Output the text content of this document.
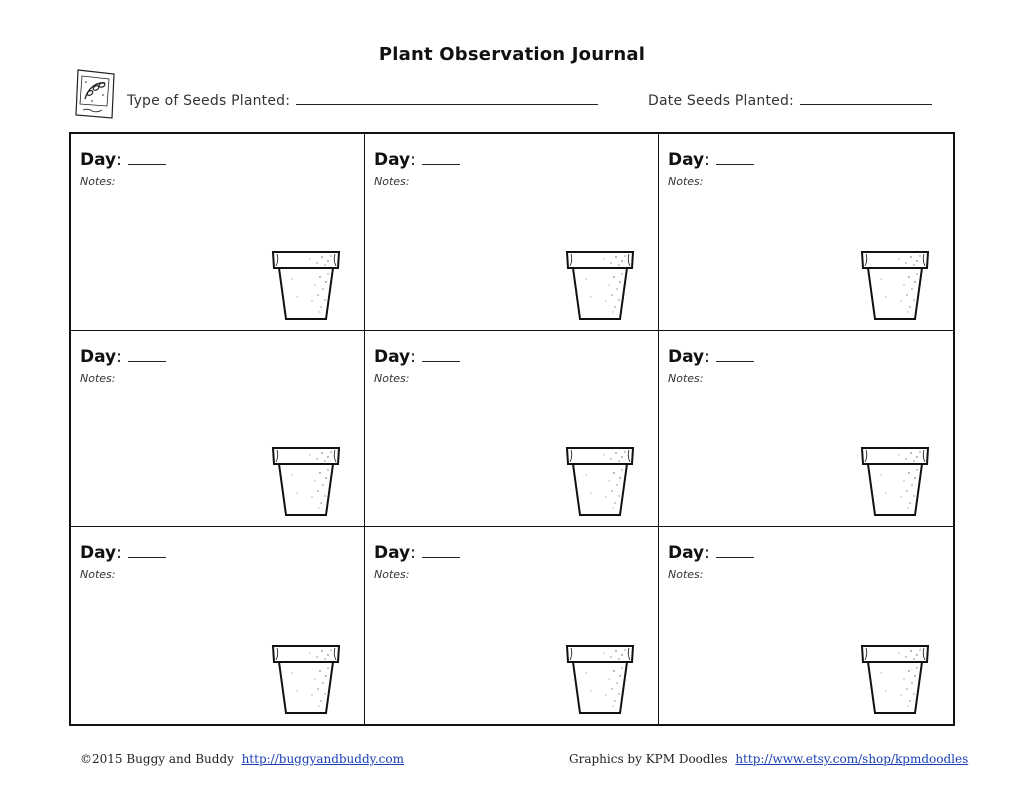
Plant Observation Journal
Type of Seeds Planted:	Date Seeds Planted:
Day:
Notes:
Day:
Notes:
Day:
Notes:
Day:
Notes:
Day:
Notes:
Day:
Notes:
Day:
Notes:
Day:
Notes:
Day:
Notes:
©2015 Buggy and Buddy http://buggyandbuddy.com	Graphics by KPM Doodles http://www.etsy.com/shop/kpmdoodles
